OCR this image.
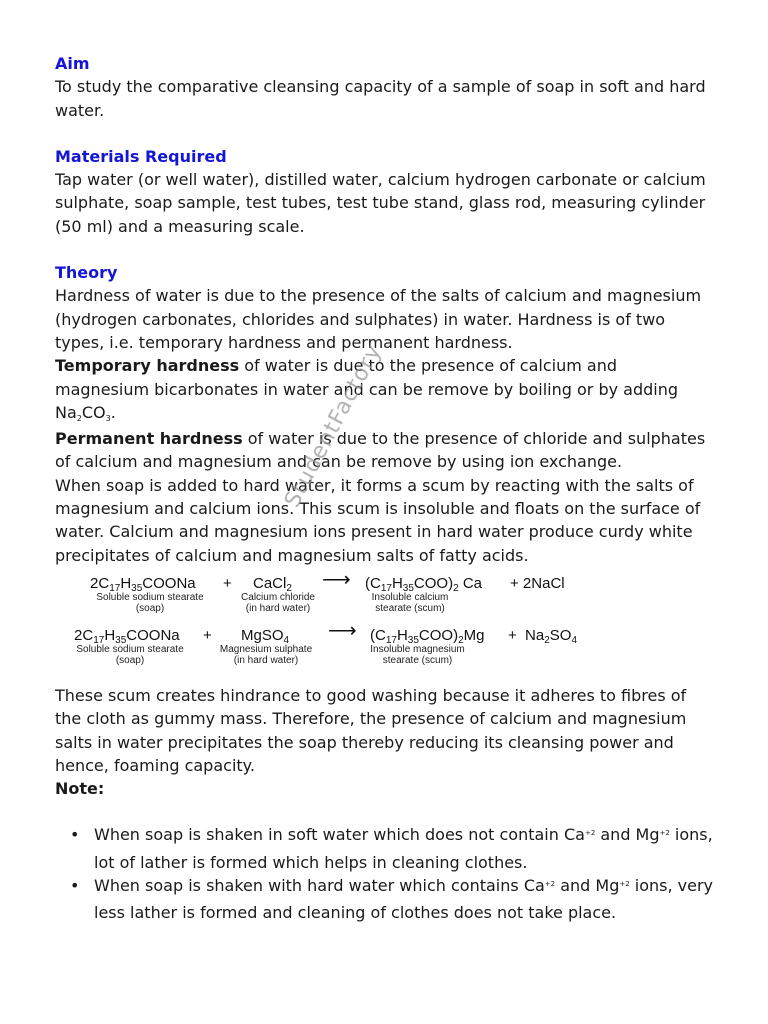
Aim

To study the comparative cleansing capacity of a sample of soap in soft and hard water.

Materials Required

Tap water (or well water), distilled water, calcium hydrogen carbonate or calcium sulphate, soap sample, test tubes, test tube stand, glass rod, measuring cylinder (50 ml) and a measuring scale.

Theory

Hardness of water is due to the presence of the salts of calcium and magnesium (hydrogen carbonates, chlorides and sulphates) in water. Hardness is of two types, i.e. temporary hardness and permanent hardness.

Temporary hardness of water is due to the presence of calcium and magnesium bicarbonates in water and can be remove by boiling or by adding $Na_2CO_3$.

Permanent hardness of water is due to the presence of chloride and sulphates of calcium and magnesium and can be remove by using ion exchange.

When soap is added to hard water, it forms a scum by reacting with the salts of magnesium and calcium ions. This scum is insoluble and floats on the surface of water. Calcium and magnesium ions present in hard water produce curdy white precipitates of calcium and magnesium salts of fatty acids.

$2C_{17}H_{35}COONa$ + CaCl$_2$ ⟶ $(C_{17}H_{35}COO)_2$ Ca + 2NaCl
Soluble sodium stearate
(soap)
Calcium chloride
(in hard water)
Insoluble calcium
stearate (scum)
$2C_{17}H_{35}COONa$ + MgSO$_4$ ⟶ $(C_{17}H_{35}COO)_2Mg + Na_2SO_4$
Soluble sodium stearate
(soap)
Magnesium sulphate
(in hard water)
Insoluble magnesium
stearate (scum)

These scum creates hindrance to good washing because it adheres to fibres of the cloth as gummy mass. Therefore, the presence of calcium and magnesium salts in water precipitates the soap thereby reducing its cleansing power and hence, foaming capacity.

Note:
• When soap is shaken in soft water which does not contain $Ca^{+2}$ and $Mg^{+2}$ ions, lot of lather is formed which helps in cleaning clothes.
• When soap is shaken with hard water which contains $Ca^{+2}$ and $Mg^{+2}$ ions, very less lather is formed and cleaning of clothes does not take place.
StudentFactory
